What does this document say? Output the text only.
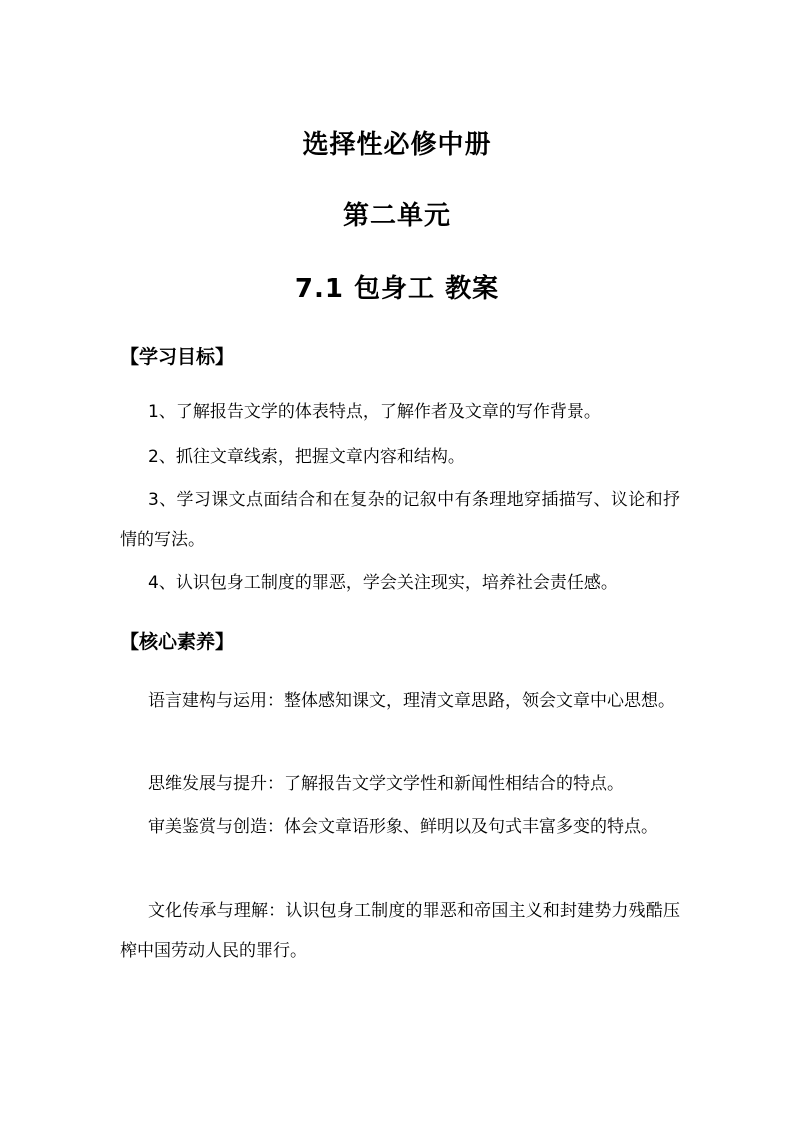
选择性必修中册
第二单元
7.1 包身工 教案
【学习目标】

1、了解报告文学的体表特点，了解作者及文章的写作背景。

2、抓往文章线索，把握文章内容和结构。

3、学习课文点面结合和在复杂的记叙中有条理地穿插描写、议论和抒情的写法。

4、认识包身工制度的罪恶，学会关注现实，培养社会责任感。

【核心素养】

语言建构与运用：整体感知课文，理清文章思路，领会文章中心思想。

思维发展与提升：了解报告文学文学性和新闻性相结合的特点。

审美鉴赏与创造：体会文章语形象、鲜明以及句式丰富多变的特点。

文化传承与理解：认识包身工制度的罪恶和帝国主义和封建势力残酷压榨中国劳动人民的罪行。
